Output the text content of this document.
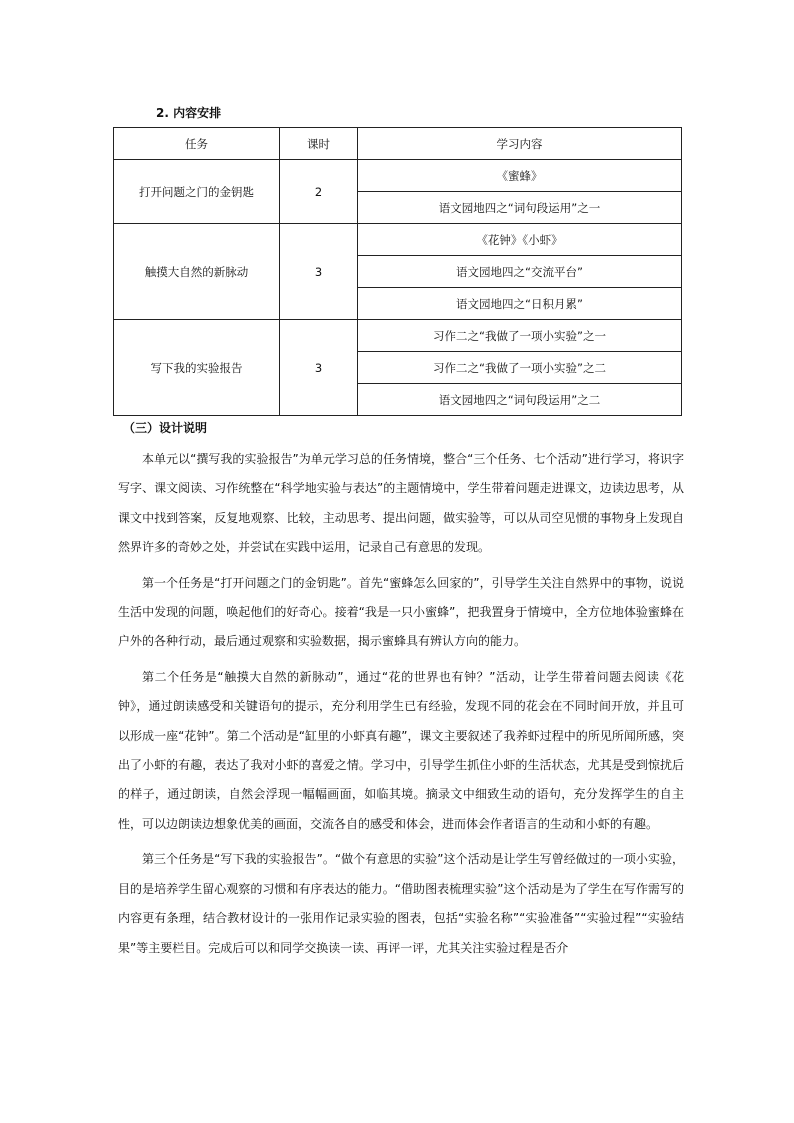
2. 内容安排
任务	课时	学习内容
打开问题之门的金钥匙	2	《蜜蜂》
		语文园地四之“词句段运用”之一
触摸大自然的新脉动	3	《花钟》《小虾》
		语文园地四之“交流平台”
		语文园地四之“日积月累”
写下我的实验报告	3	习作二之“我做了一项小实验”之一
		习作二之“我做了一项小实验”之二
		语文园地四之“词句段运用”之二
（三）设计说明

本单元以“撰写我的实验报告”为单元学习总的任务情境，整合“三个任务、七个活动”进行学习，将识字写字、课文阅读、习作统整在“科学地实验与表达”的主题情境中，学生带着问题走进课文，边读边思考，从课文中找到答案，反复地观察、比较，主动思考、提出问题，做实验等，可以从司空见惯的事物身上发现自然界许多的奇妙之处，并尝试在实践中运用，记录自己有意思的发现。

第一个任务是“打开问题之门的金钥匙”。首先“蜜蜂怎么回家的”，引导学生关注自然界中的事物，说说生活中发现的问题，唤起他们的好奇心。接着“我是一只小蜜蜂”，把我置身于情境中，全方位地体验蜜蜂在户外的各种行动，最后通过观察和实验数据，揭示蜜蜂具有辨认方向的能力。

第二个任务是“触摸大自然的新脉动”，通过“花的世界也有钟？”活动，让学生带着问题去阅读《花钟》，通过朗读感受和关键语句的提示，充分利用学生已有经验，发现不同的花会在不同时间开放，并且可以形成一座“花钟”。第二个活动是“缸里的小虾真有趣”，课文主要叙述了我养虾过程中的所见所闻所感，突出了小虾的有趣，表达了我对小虾的喜爱之情。学习中，引导学生抓住小虾的生活状态，尤其是受到惊扰后的样子，通过朗读，自然会浮现一幅幅画面，如临其境。摘录文中细致生动的语句，充分发挥学生的自主性，可以边朗读边想象优美的画面，交流各自的感受和体会，进而体会作者语言的生动和小虾的有趣。

第三个任务是“写下我的实验报告”。“做个有意思的实验”这个活动是让学生写曾经做过的一项小实验，目的是培养学生留心观察的习惯和有序表达的能力。“借助图表梳理实验”这个活动是为了学生在写作需写的内容更有条理，结合教材设计的一张用作记录实验的图表，包括“实验名称”“实验准备”“实验过程”“实验结果”等主要栏目。完成后可以和同学交换读一读、再评一评，尤其关注实验过程是否介
